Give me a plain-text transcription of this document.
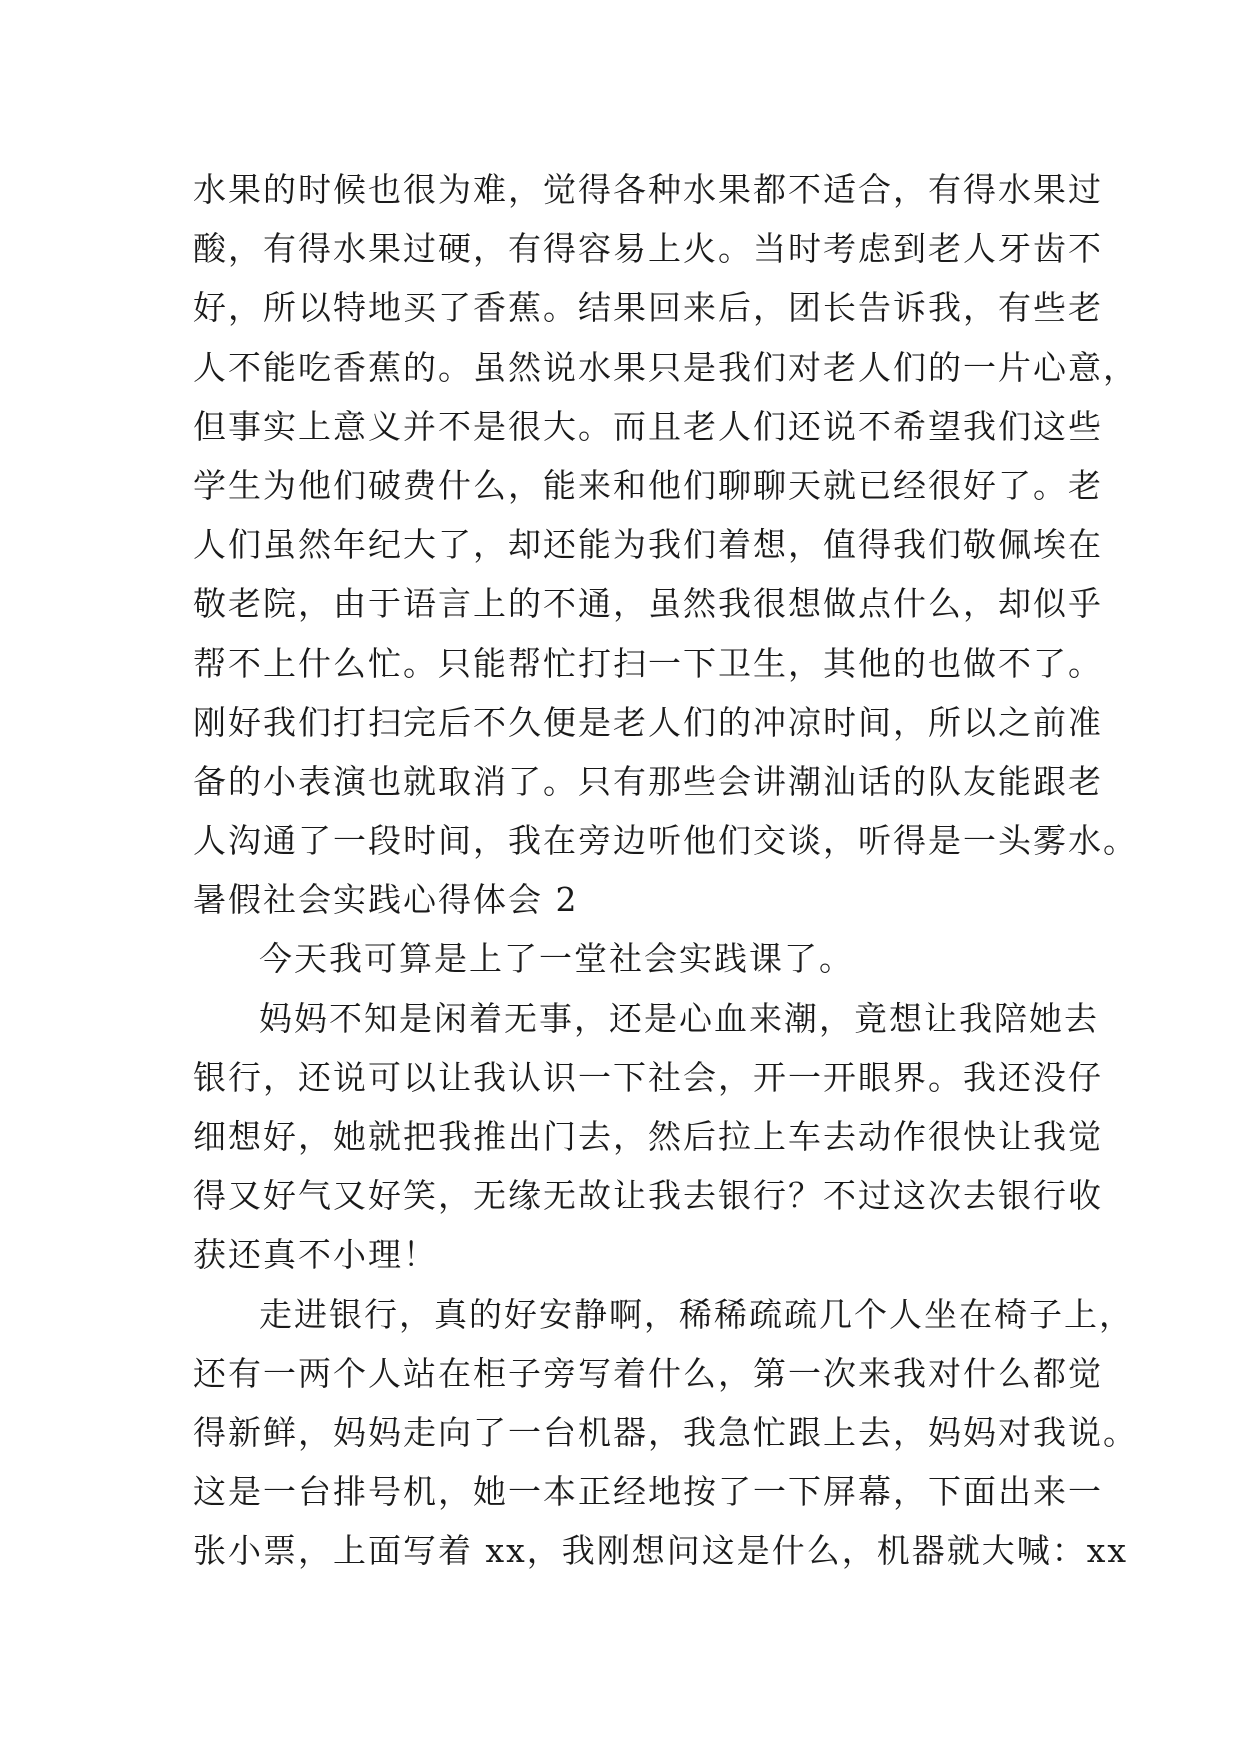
水果的时候也很为难，觉得各种水果都不适合，有得水果过
酸，有得水果过硬，有得容易上火。当时考虑到老人牙齿不
好，所以特地买了香蕉。结果回来后，团长告诉我，有些老
人不能吃香蕉的。虽然说水果只是我们对老人们的一片心意，
但事实上意义并不是很大。而且老人们还说不希望我们这些
学生为他们破费什么，能来和他们聊聊天就已经很好了。老
人们虽然年纪大了，却还能为我们着想，值得我们敬佩埃在
敬老院，由于语言上的不通，虽然我很想做点什么，却似乎
帮不上什么忙。只能帮忙打扫一下卫生，其他的也做不了。
刚好我们打扫完后不久便是老人们的冲凉时间，所以之前准
备的小表演也就取消了。只有那些会讲潮汕话的队友能跟老
人沟通了一段时间，我在旁边听他们交谈，听得是一头雾水。
暑假社会实践心得体会 2
今天我可算是上了一堂社会实践课了。
妈妈不知是闲着无事，还是心血来潮，竟想让我陪她去
银行，还说可以让我认识一下社会，开一开眼界。我还没仔
细想好，她就把我推出门去，然后拉上车去动作很快让我觉
得又好气又好笑，无缘无故让我去银行？不过这次去银行收
获还真不小理！
走进银行，真的好安静啊，稀稀疏疏几个人坐在椅子上，
还有一两个人站在柜子旁写着什么，第一次来我对什么都觉
得新鲜，妈妈走向了一台机器，我急忙跟上去，妈妈对我说。
这是一台排号机，她一本正经地按了一下屏幕，下面出来一
张小票，上面写着 xx，我刚想问这是什么，机器就大喊：xx
